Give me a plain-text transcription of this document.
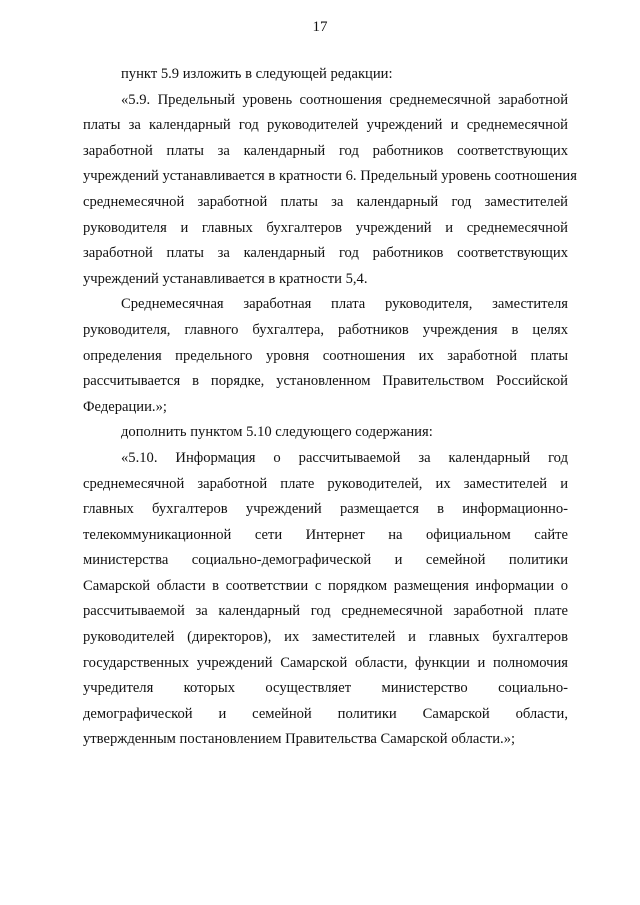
17
пункт 5.9 изложить в следующей редакции:
«5.9. Предельный уровень соотношения среднемесячной заработной
платы за календарный год руководителей учреждений и среднемесячной
заработной платы за календарный год работников соответствующих
учреждений устанавливается в кратности 6. Предельный уровень соотношения
среднемесячной заработной платы за календарный год заместителей
руководителя и главных бухгалтеров учреждений и среднемесячной
заработной платы за календарный год работников соответствующих
учреждений устанавливается в кратности 5,4.
Среднемесячная заработная плата руководителя, заместителя
руководителя, главного бухгалтера, работников учреждения в целях
определения предельного уровня соотношения их заработной платы
рассчитывается в порядке, установленном Правительством Российской
Федерации.»;
дополнить пунктом 5.10 следующего содержания:
«5.10. Информация о рассчитываемой за календарный год
среднемесячной заработной плате руководителей, их заместителей и
главных бухгалтеров учреждений размещается в информационно-
телекоммуникационной сети Интернет на официальном сайте
министерства социально-демографической и семейной политики
Самарской области в соответствии с порядком размещения информации о
рассчитываемой за календарный год среднемесячной заработной плате
руководителей (директоров), их заместителей и главных бухгалтеров
государственных учреждений Самарской области, функции и полномочия
учредителя которых осуществляет министерство социально-
демографической и семейной политики Самарской области,
утвержденным постановлением Правительства Самарской области.»;
